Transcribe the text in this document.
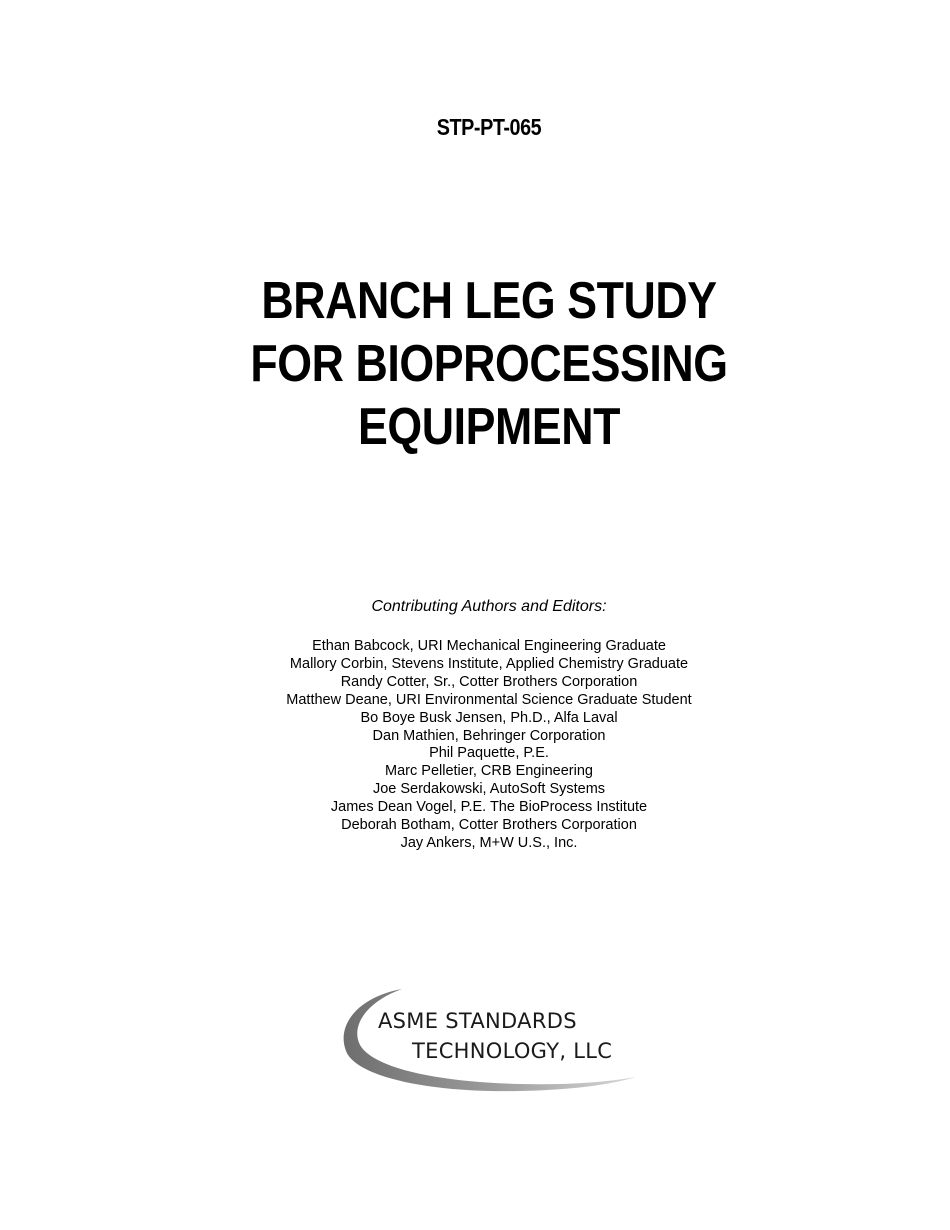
STP-PT-065
BRANCH LEG STUDY
FOR BIOPROCESSING
EQUIPMENT
Contributing Authors and Editors:
Ethan Babcock, URI Mechanical Engineering Graduate
Mallory Corbin, Stevens Institute, Applied Chemistry Graduate
Randy Cotter, Sr., Cotter Brothers Corporation
Matthew Deane, URI Environmental Science Graduate Student
Bo Boye Busk Jensen, Ph.D., Alfa Laval
Dan Mathien, Behringer Corporation
Phil Paquette, P.E.
Marc Pelletier, CRB Engineering
Joe Serdakowski, AutoSoft Systems
James Dean Vogel, P.E. The BioProcess Institute
Deborah Botham, Cotter Brothers Corporation
Jay Ankers, M+W U.S., Inc.
ASME STANDARDS
TECHNOLOGY, LLC
